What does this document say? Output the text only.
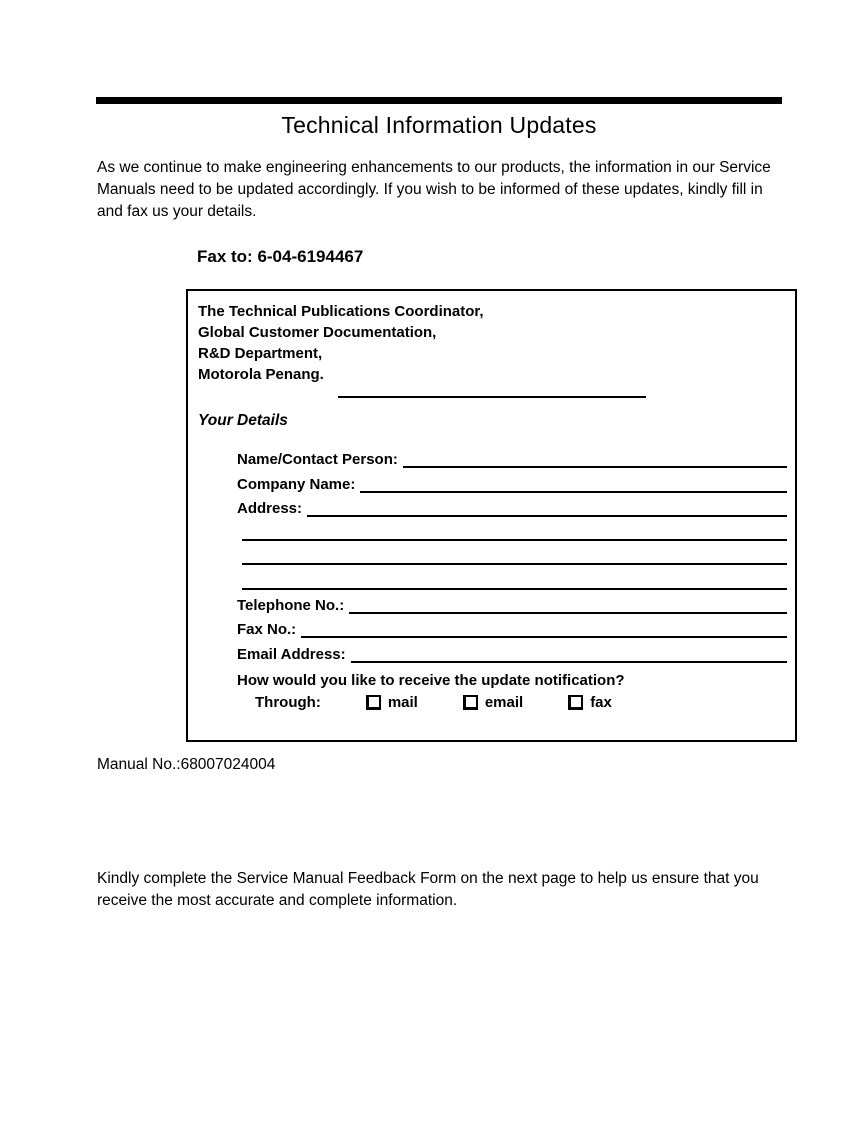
Technical Information Updates

As we continue to make engineering enhancements to our products, the information in our Service Manuals need to be updated accordingly. If you wish to be informed of these updates, kindly fill in and fax us your details.

Fax to: 6-04-6194467
The Technical Publications Coordinator,
Global Customer Documentation,
R&D Department,
Motorola Penang.
Your Details
Name/Contact Person:
Company Name:
Address:
Telephone No.:
Fax No.:
Email Address:
How would you like to receive the update notification?
Through:	mail	email	fax
Manual No.:68007024004

Kindly complete the Service Manual Feedback Form on the next page to help us ensure that you receive the most accurate and complete information.
